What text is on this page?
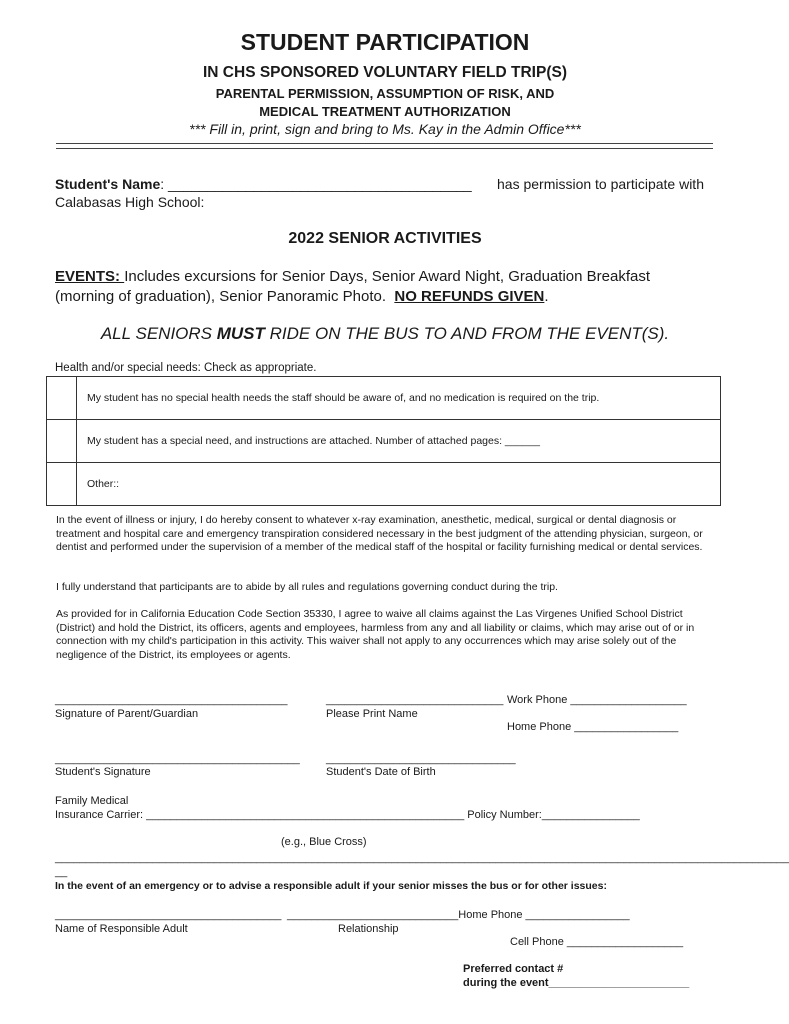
STUDENT PARTICIPATION
IN CHS SPONSORED VOLUNTARY FIELD TRIP(S)
PARENTAL PERMISSION, ASSUMPTION OF RISK, AND
MEDICAL TREATMENT AUTHORIZATION
*** Fill in, print, sign and bring to Ms. Kay in the Admin Office***
Student's Name: _______________________________________ has permission to participate with
Calabasas High School:
2022 SENIOR ACTIVITIES
EVENTS: Includes excursions for Senior Days, Senior Award Night, Graduation Breakfast
(morning of graduation), Senior Panoramic Photo. NO REFUNDS GIVEN.
ALL SENIORS MUST RIDE ON THE BUS TO AND FROM THE EVENT(S).
Health and/or special needs: Check as appropriate.
	My student has no special health needs the staff should be aware of, and no medication is required on the trip.
	My student has a special need, and instructions are attached. Number of attached pages: ______
	Other::
In the event of illness or injury, I do hereby consent to whatever x-ray examination, anesthetic, medical, surgical or dental diagnosis or treatment and hospital care and emergency transpiration considered necessary in the best judgment of the attending physician, surgeon, or dentist and performed under the supervision of a member of the medical staff of the hospital or facility furnishing medical or dental services.
I fully understand that participants are to abide by all rules and regulations governing conduct during the trip.
As provided for in California Education Code Section 35330, I agree to waive all claims against the Las Virgenes Unified School District (District) and hold the District, its officers, agents and employees, harmless from any and all liability or claims, which may arise out of or in connection with my child's participation in this activity. This waiver shall not apply to any occurrences which may arise solely out of the negligence of the District, its employees or agents.
______________________________________
Signature of Parent/Guardian
_____________________________
Please Print Name
Work Phone ___________________
Home Phone _________________
________________________________________
Student's Signature
_______________________________
Student's Date of Birth
Family Medical
Insurance Carrier: ____________________________________________________ Policy Number:________________
(e.g., Blue Cross)
________________________________________________________________________________________________________________________
__
In the event of an emergency or to advise a responsible adult if your senior misses the bus or for other issues:
_____________________________________
Name of Responsible Adult
____________________________Home Phone _________________
Relationship
Cell Phone ___________________
Preferred contact #
during the event_______________________
